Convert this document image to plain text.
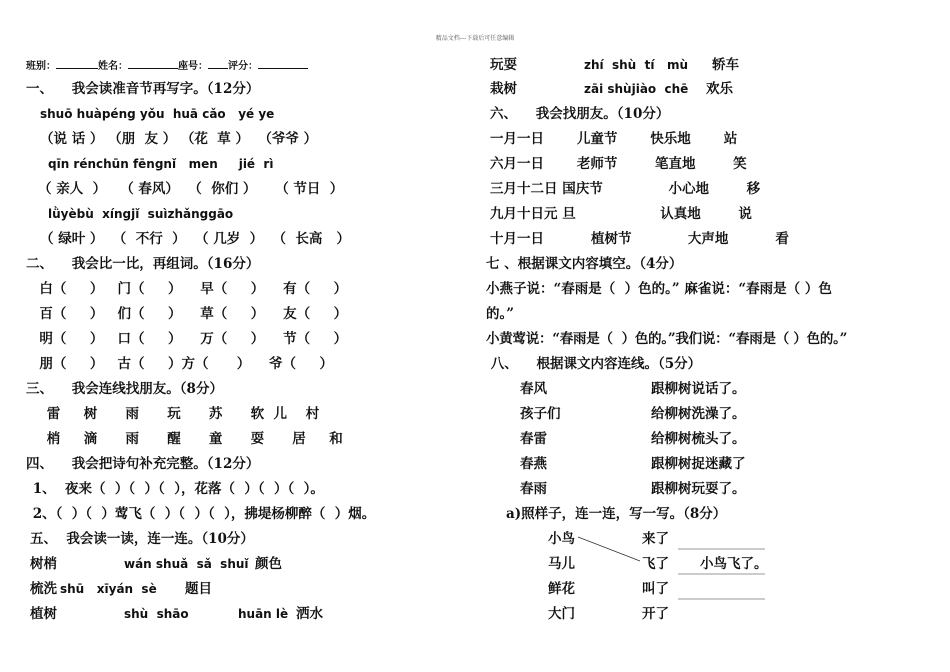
精品文档---下载后可任意编辑
班别：	姓名：	座号： 评分：
一、    我会读准音节再写字。（12分）
shuō huàpéng yǒu  huā cǎo   yé ye
（说 话 ） （朋  友 ） （花  草 ）  （爷爷 ）
qīn rénchūn fēngnǐ   men     jié  rì
（ 亲人  ）   （ 春风）  （  你们 ）    （ 节日  ）
lǜyèbù  xíngjǐ  suìzhǎnggāo
（ 绿叶 ）  （  不行  ）  （ 几岁  ）  （  长高   ）
二、    我会比一比，再组词。（16分）
白（     ）   门（     ）    早（     ）    有（     ）
百（     ）   们（     ）    草（     ）    友（     ）
明（     ）   口（     ）    万（     ）    节（     ）
朋（     ）   古（     ）方（      ）    爷（     ）
三、    我会连线找朋友。（8分）
雷     树      雨      玩      苏      软  儿    村
梢     滴      雨      醒      童      耍      居     和
四、    我会把诗句补充完整。（12分）
1、  夜来（  ）（  ）（  ），花落（  ）（  ）（  ）。
2、（  ）（  ）莺飞（  ）（  ）（  ），拂堤杨柳醉（  ）烟。
五、  我会读一读，连一连。（10分）
树梢	wán shuǎ  sǎ  shuǐ 颜色
梳洗 shū   xīyán  sè 题目
植树	shù  shāo	huān lè 洒水
玩耍	zhí  shù  tí   mù 轿车
栽树	zāi shùjiào  chē 欢乐
六、    我会找朋友。（10分）
一月一日       儿童节       快乐地       站
六月一日       老师节        笔直地        笑
三月十二日 国庆节              小心地        移
九月十日元 旦                  认真地        说
十月一日          植树节            大声地          看
七 、根据课文内容填空。（4分）
小燕子说：“春雨是（  ）色的。” 麻雀说：“春雨是（ ）色
的。”
小黄莺说：“春雨是（  ）色的。”我们说：“春雨是（ ）色的。”
八、    根据课文内容连线。（5分）
春风	跟柳树说话了。
孩子们	给柳树洗澡了。
春雷	给柳树梳头了。
春燕	跟柳树捉迷藏了
春雨	跟柳树玩耍了。
a)照样子，连一连，写一写。（8分）
小鸟	来了
马儿	飞了 小鸟飞了。
鲜花	叫了
大门	开了
